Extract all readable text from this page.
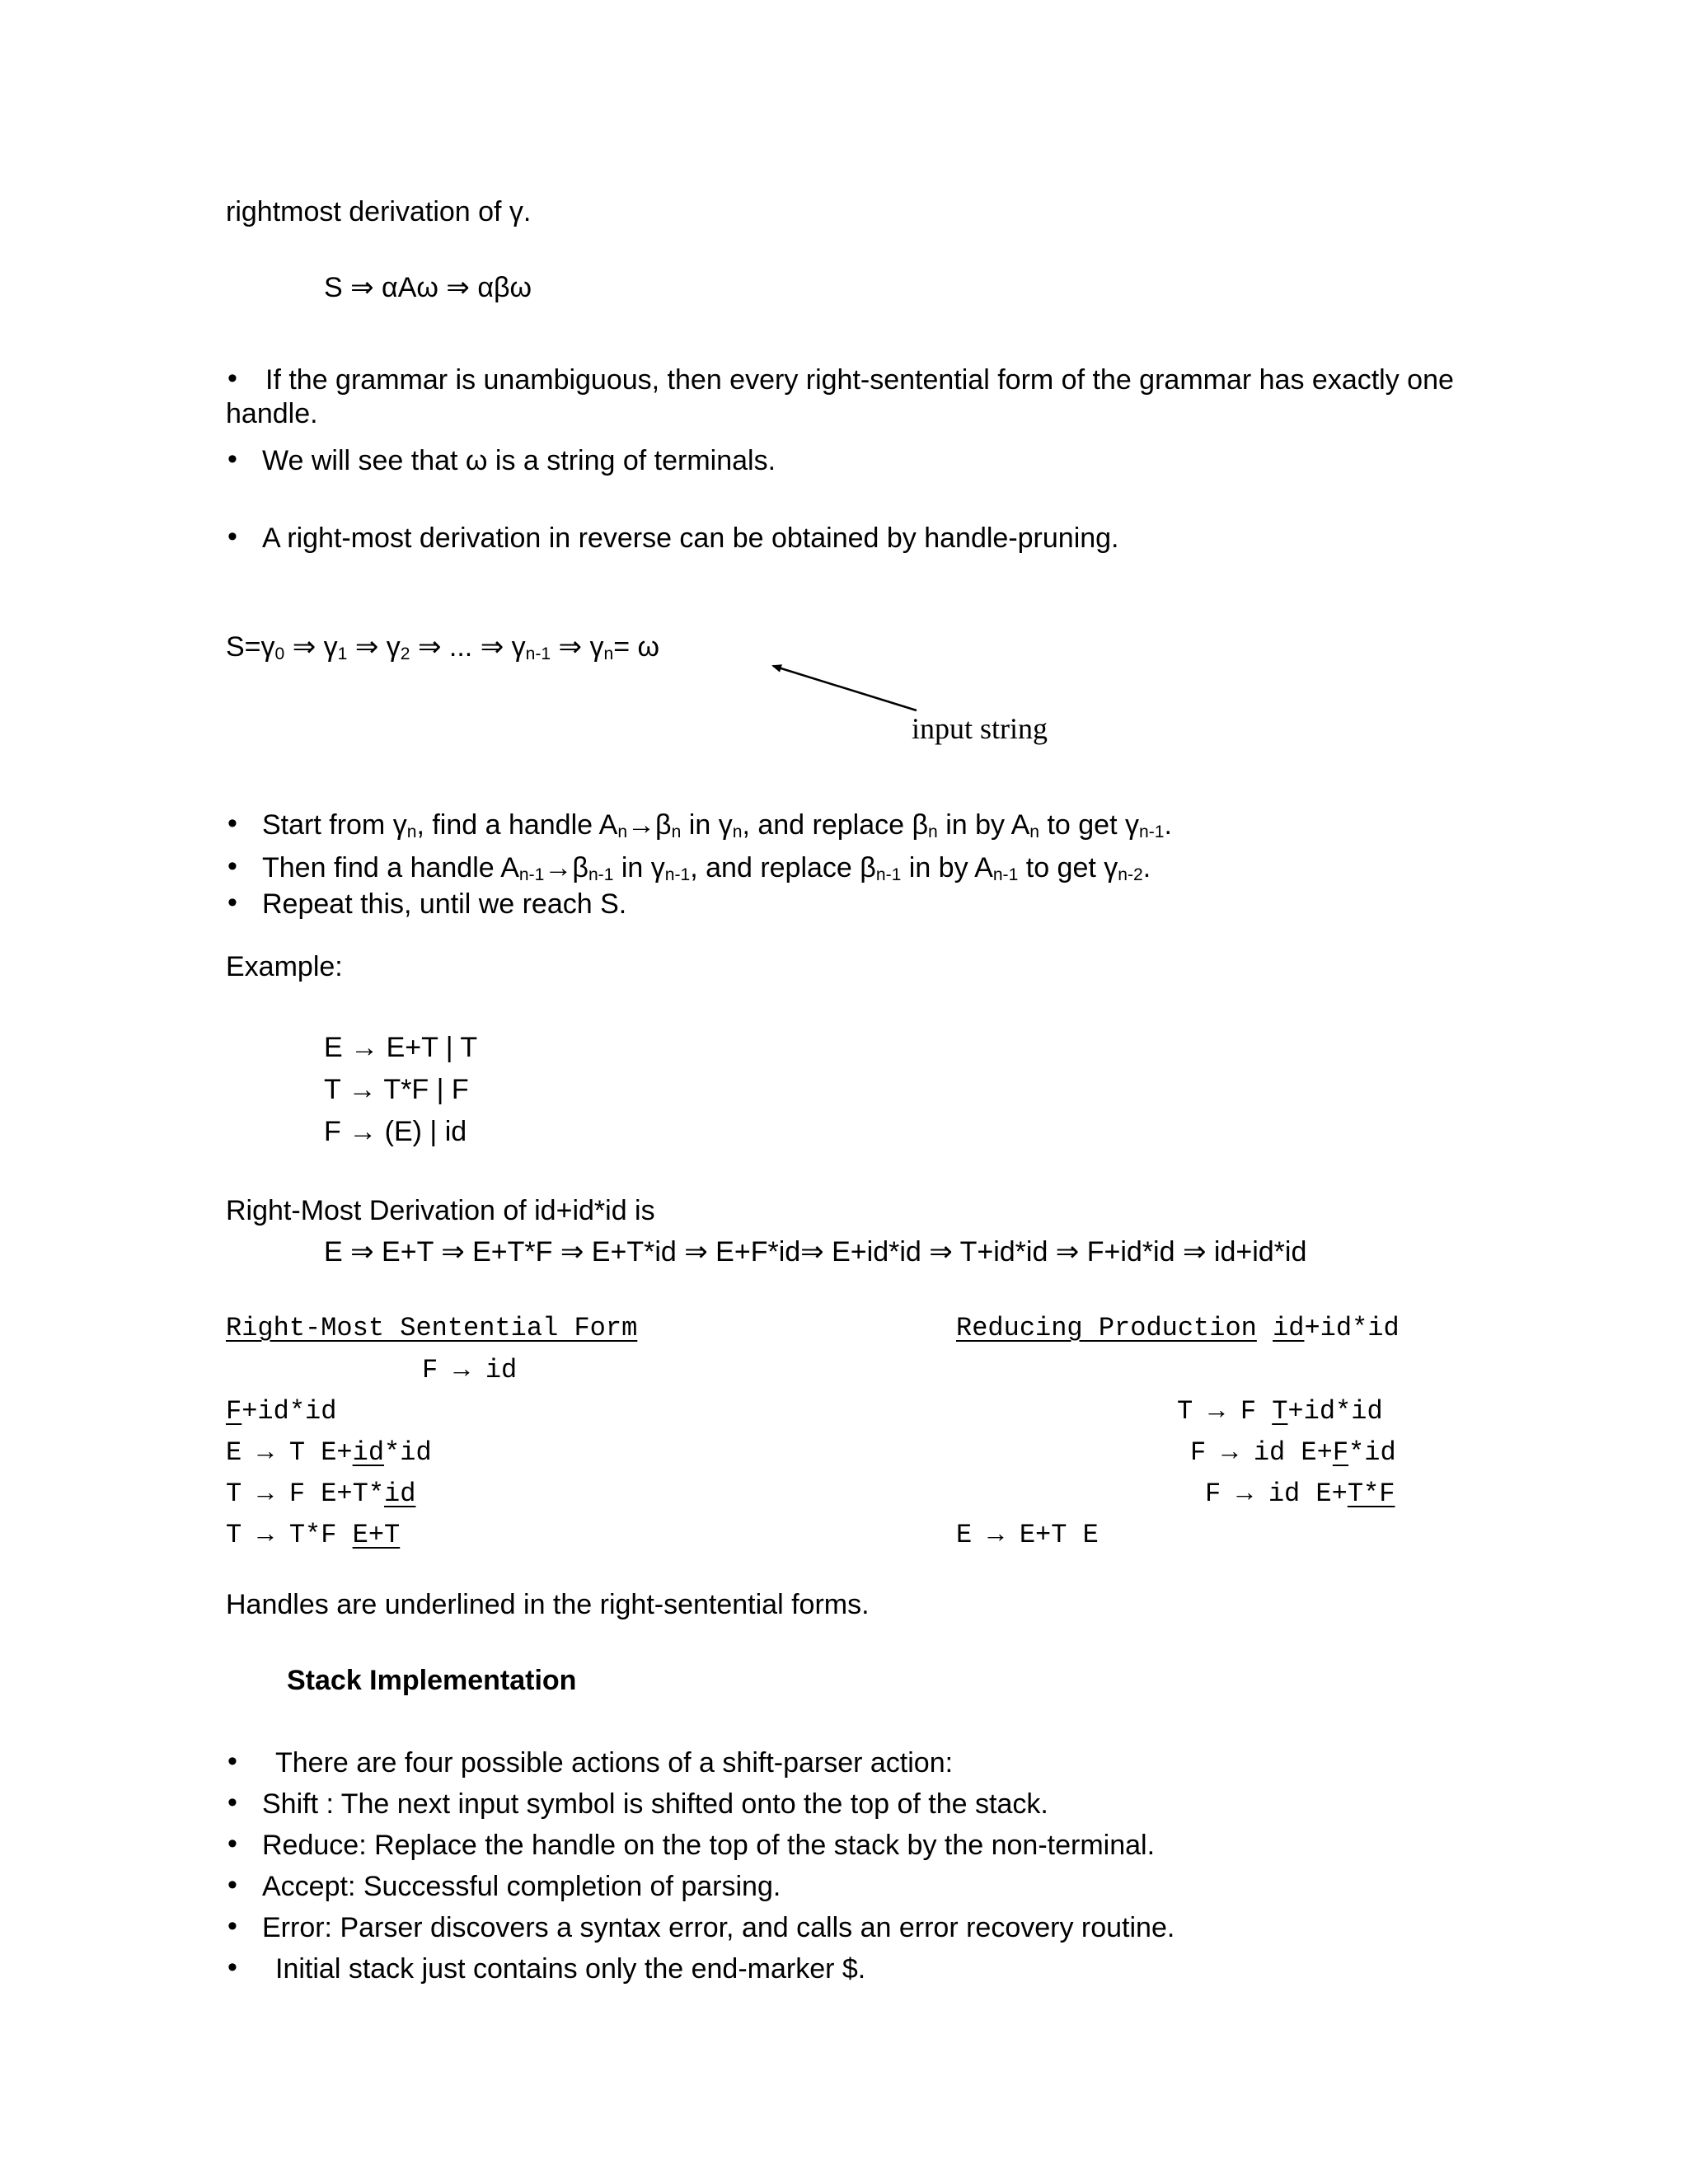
rightmost derivation of γ.
S ⇒ αAω ⇒ αβω
• If the grammar is unambiguous, then every right-sentential form of the grammar has exactly one
handle.
• We will see that ω is a string of terminals.
• A right-most derivation in reverse can be obtained by handle-pruning.
$S=\gamma_0$ ⇒ $\gamma_1$ ⇒ $\gamma_2$ ⇒ ... ⇒ $\gamma_{n-1}$ ⇒ $\gamma_n= \omega$
input string
• Start from $\gamma_n$, find a handle $A_n\to\beta_n$ in $\gamma_n$, and replace $\beta_n$ in by $A_n$ to get $\gamma_{n-1}$.
• Then find a handle $A_{n-1}\to\beta_{n-1}$ in $\gamma_{n-1}$, and replace $\beta_{n-1}$ in by $A_{n-1}$ to get $\gamma_{n-2}$.
• Repeat this, until we reach S.
Example:
E → E+T | T
T → T*F | F
F → (E) | id
Right-Most Derivation of id+id*id is
E ⇒ E+T ⇒ E+T*F ⇒ E+T*id ⇒ E+F*id⇒ E+id*id ⇒ T+id*id ⇒ F+id*id ⇒ id+id*id
Right-Most Sentential Form	Reducing Production id+id*id
F → id
F+id*id	T → F T+id*id
E → T E+id*id	F → id E+F*id
T → F E+T*id	F → id E+T*F
T → T*F E+T	E → E+T E
Handles are underlined in the right-sentential forms.
Stack Implementation
• There are four possible actions of a shift-parser action:
• Shift : The next input symbol is shifted onto the top of the stack.
• Reduce: Replace the handle on the top of the stack by the non-terminal.
• Accept: Successful completion of parsing.
• Error: Parser discovers a syntax error, and calls an error recovery routine.
• Initial stack just contains only the end-marker $.
